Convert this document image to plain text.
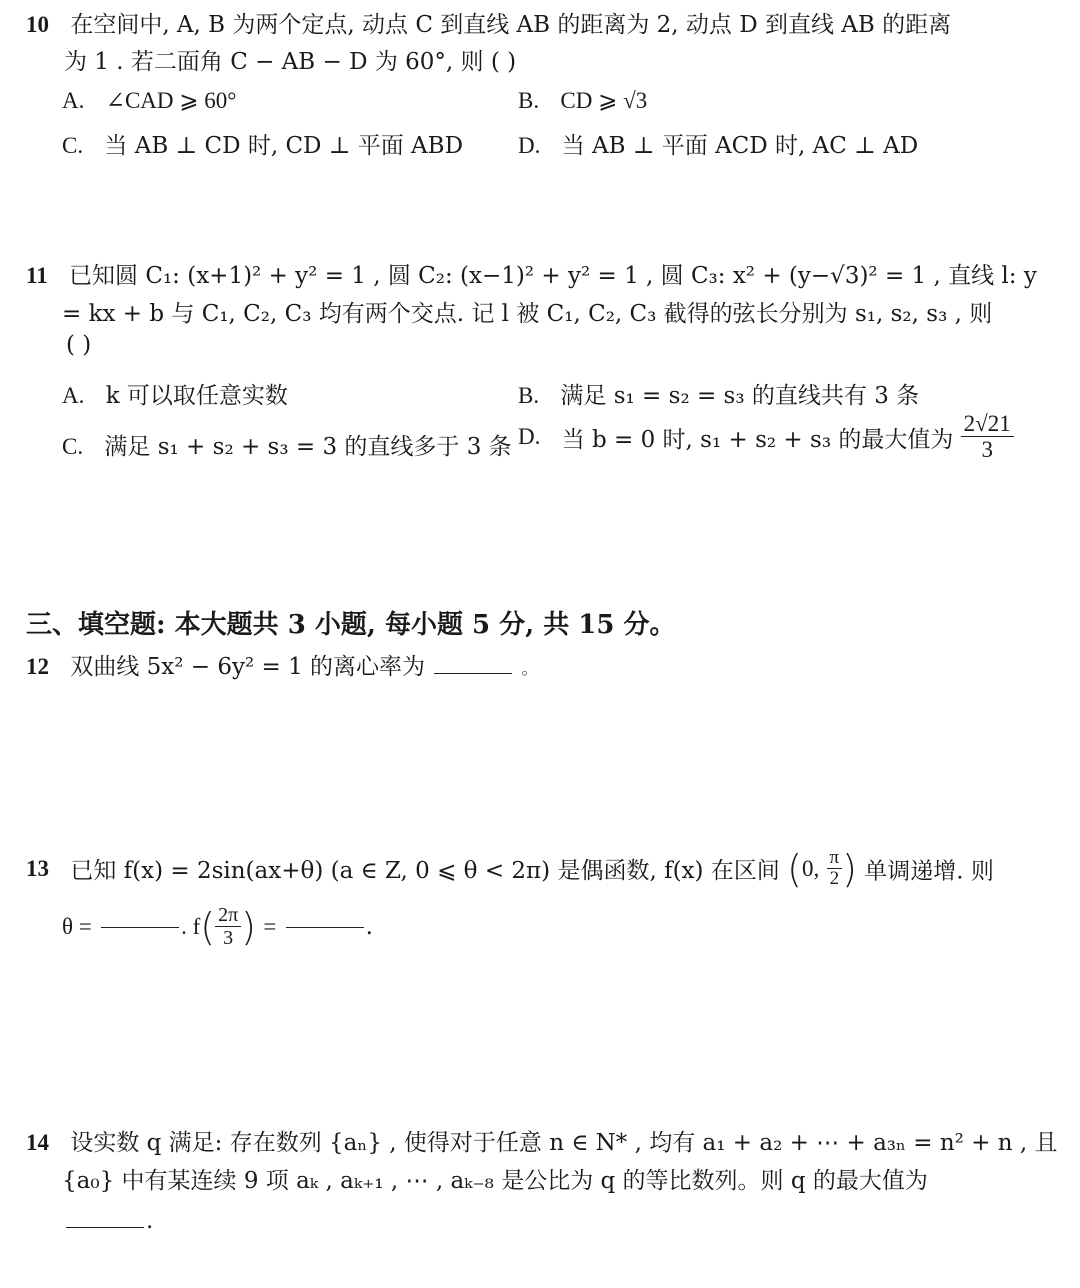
10 在空间中, A, B 为两个定点, 动点 C 到直线 AB 的距离为 2, 动点 D 到直线 AB 的距离
为 1 . 若二面角 C − AB − D 为 60°, 则 ( )
A. ∠CAD ⩾ 60°	B. CD ⩾ √3
C. 当 AB ⊥ CD 时, CD ⊥ 平面 ABD D. 当 AB ⊥ 平面 ACD 时, AC ⊥ AD
11 已知圆 C₁: (x+1)² + y² = 1 , 圆 C₂: (x−1)² + y² = 1 , 圆 C₃: x² + (y−√3)² = 1 , 直线 l: y
= kx + b 与 C₁, C₂, C₃ 均有两个交点. 记 l 被 C₁, C₂, C₃ 截得的弦长分别为 s₁, s₂, s₃ , 则
( )
A. k 可以取任意实数	B. 满足 s₁ = s₂ = s₃ 的直线共有 3 条
C. 满足 s₁ + s₂ + s₃ = 3 的直线多于 3 条 D. 当 b = 0 时, s₁ + s₂ + s₃ 的最大值为 $\frac{2√21}{3}$
三、填空题: 本大题共 3 小题, 每小题 5 分, 共 15 分。
12 双曲线 5x² − 6y² = 1 的离心率为	。
13 已知 f(x) = 2sin(ax+θ) (a ∈ Z, 0 ⩽ θ < 2π) 是偶函数, f(x) 在区间 (0, $\frac{\pi}{2}$ ) 单调递增. 则
θ =	. $f( \frac{2\pi}{3}$ ) =	.
14 设实数 q 满足: 存在数列 {aₙ} , 使得对于任意 n ∈ N* , 均有 a₁ + a₂ + ⋯ + a₃ₙ = n² + n , 且
{a₀} 中有某连续 9 项 aₖ , aₖ₊₁ , ⋯ , aₖ₋₈ 是公比为 q 的等比数列。则 q 的最大值为
.
